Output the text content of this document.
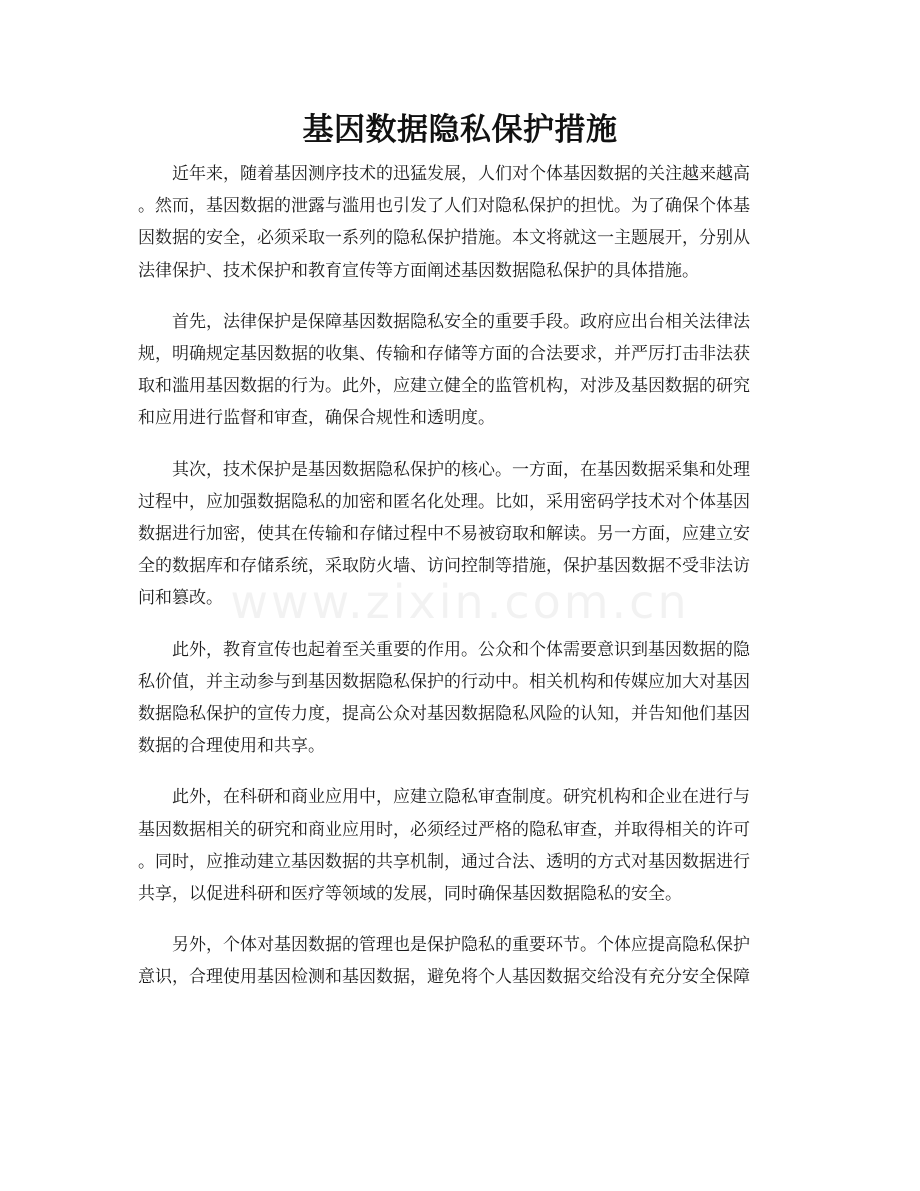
www.zixin.com.cn
基因数据隐私保护措施

近年来，随着基因测序技术的迅猛发展，人们对个体基因数据的关注越来越高
。然而，基因数据的泄露与滥用也引发了人们对隐私保护的担忧。为了确保个体基
因数据的安全，必须采取一系列的隐私保护措施。本文将就这一主题展开，分别从
法律保护、技术保护和教育宣传等方面阐述基因数据隐私保护的具体措施。

首先，法律保护是保障基因数据隐私安全的重要手段。政府应出台相关法律法
规，明确规定基因数据的收集、传输和存储等方面的合法要求，并严厉打击非法获
取和滥用基因数据的行为。此外，应建立健全的监管机构，对涉及基因数据的研究
和应用进行监督和审查，确保合规性和透明度。

其次，技术保护是基因数据隐私保护的核心。一方面，在基因数据采集和处理
过程中，应加强数据隐私的加密和匿名化处理。比如，采用密码学技术对个体基因
数据进行加密，使其在传输和存储过程中不易被窃取和解读。另一方面，应建立安
全的数据库和存储系统，采取防火墙、访问控制等措施，保护基因数据不受非法访
问和篡改。

此外，教育宣传也起着至关重要的作用。公众和个体需要意识到基因数据的隐
私价值，并主动参与到基因数据隐私保护的行动中。相关机构和传媒应加大对基因
数据隐私保护的宣传力度，提高公众对基因数据隐私风险的认知，并告知他们基因
数据的合理使用和共享。

此外，在科研和商业应用中，应建立隐私审查制度。研究机构和企业在进行与
基因数据相关的研究和商业应用时，必须经过严格的隐私审查，并取得相关的许可
。同时，应推动建立基因数据的共享机制，通过合法、透明的方式对基因数据进行
共享，以促进科研和医疗等领域的发展，同时确保基因数据隐私的安全。

另外，个体对基因数据的管理也是保护隐私的重要环节。个体应提高隐私保护
意识，合理使用基因检测和基因数据，避免将个人基因数据交给没有充分安全保障
